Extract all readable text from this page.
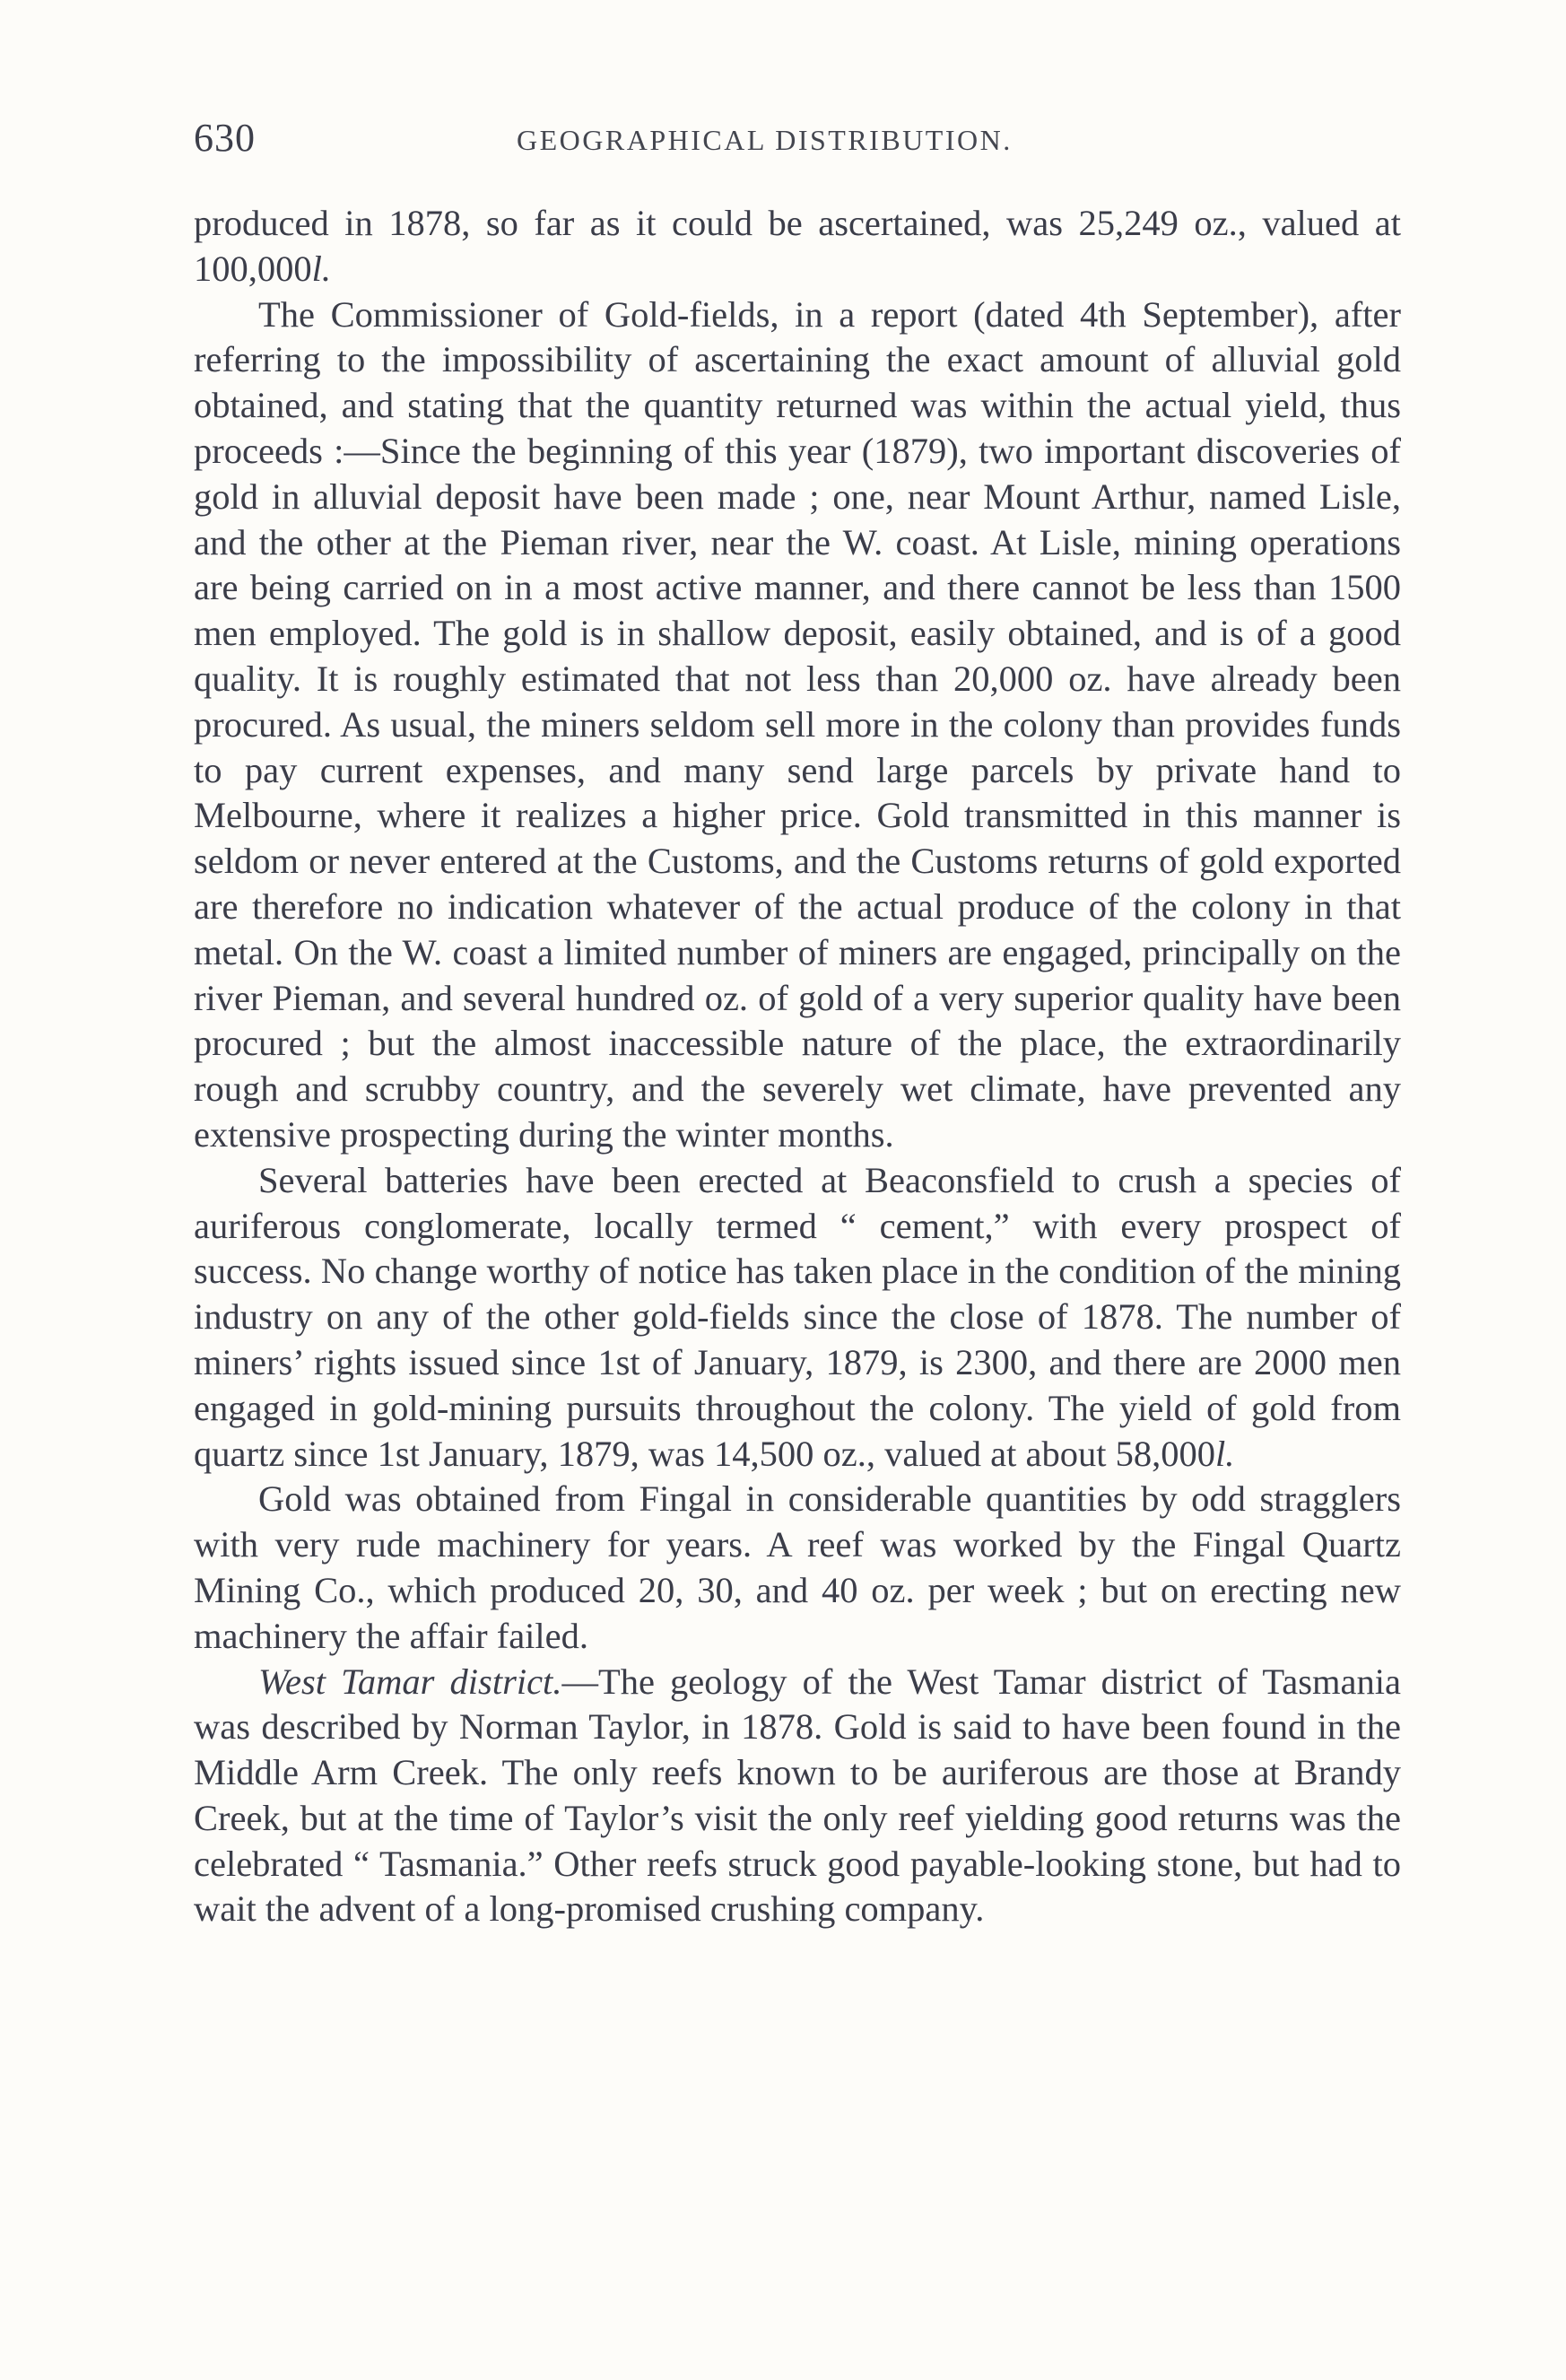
630	GEOGRAPHICAL DISTRIBUTION.

produced in 1878, so far as it could be ascertained, was 25,249 oz., valued at 100,000l.

The Commissioner of Gold-fields, in a report (dated 4th September), after referring to the impossibility of ascertaining the exact amount of alluvial gold obtained, and stating that the quantity returned was within the actual yield, thus proceeds :—Since the beginning of this year (1879), two important discoveries of gold in alluvial deposit have been made ; one, near Mount Arthur, named Lisle, and the other at the Pieman river, near the W. coast. At Lisle, mining operations are being carried on in a most active manner, and there cannot be less than 1500 men employed. The gold is in shallow deposit, easily obtained, and is of a good quality. It is roughly estimated that not less than 20,000 oz. have already been procured. As usual, the miners seldom sell more in the colony than provides funds to pay current expenses, and many send large parcels by private hand to Melbourne, where it realizes a higher price. Gold transmitted in this manner is seldom or never entered at the Customs, and the Customs returns of gold exported are therefore no indication whatever of the actual produce of the colony in that metal. On the W. coast a limited number of miners are engaged, principally on the river Pieman, and several hundred oz. of gold of a very superior quality have been procured ; but the almost inaccessible nature of the place, the extraordinarily rough and scrubby country, and the severely wet climate, have prevented any extensive prospecting during the winter months.

Several batteries have been erected at Beaconsfield to crush a species of auriferous conglomerate, locally termed “ cement,” with every prospect of success. No change worthy of notice has taken place in the condition of the mining industry on any of the other gold-fields since the close of 1878. The number of miners’ rights issued since 1st of January, 1879, is 2300, and there are 2000 men engaged in gold-mining pursuits throughout the colony. The yield of gold from quartz since 1st January, 1879, was 14,500 oz., valued at about 58,000l.

Gold was obtained from Fingal in considerable quantities by odd stragglers with very rude machinery for years. A reef was worked by the Fingal Quartz Mining Co., which produced 20, 30, and 40 oz. per week ; but on erecting new machinery the affair failed.

West Tamar district.—The geology of the West Tamar district of Tasmania was described by Norman Taylor, in 1878. Gold is said to have been found in the Middle Arm Creek. The only reefs known to be auriferous are those at Brandy Creek, but at the time of Taylor’s visit the only reef yielding good returns was the celebrated “ Tasmania.” Other reefs struck good payable-looking stone, but had to wait the advent of a long-promised crushing company.
